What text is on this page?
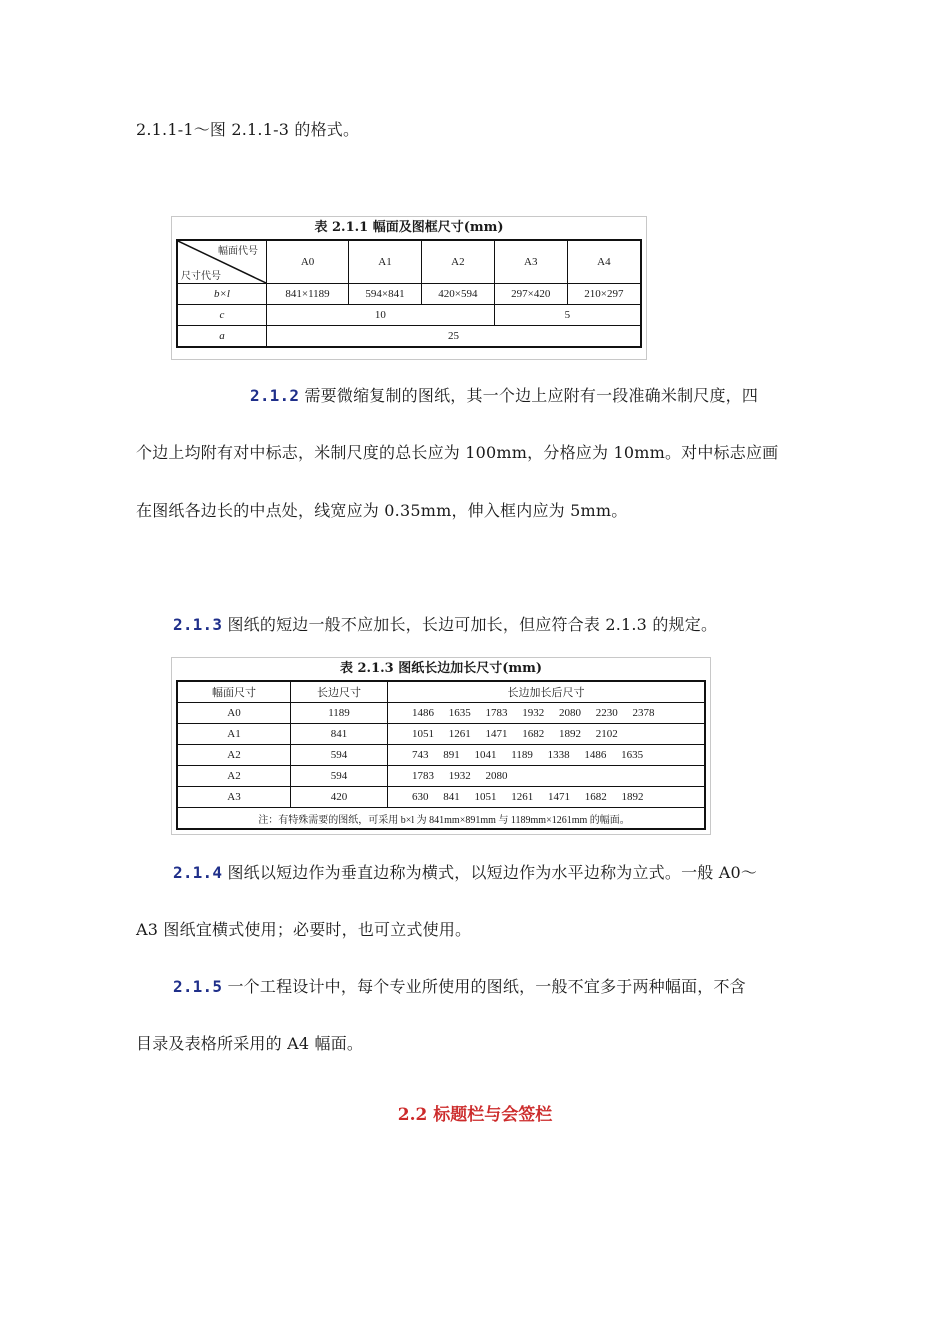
2.1.1-1～图 2.1.1-3 的格式。
表 2.1.1 幅面及图框尺寸(mm)
幅面代号
尺寸代号	A0	A1	A2	A3	A4
b×l	841×1189	594×841	420×594	297×420	210×297
c	10			5	
a	25				
2.1.2 需要微缩复制的图纸，其一个边上应附有一段准确米制尺度，四
个边上均附有对中标志，米制尺度的总长应为 100mm，分格应为 10mm。对中标志应画
在图纸各边长的中点处，线宽应为 0.35mm，伸入框内应为 5mm。
2.1.3 图纸的短边一般不应加长，长边可加长，但应符合表 2.1.3 的规定。
表 2.1.3 图纸长边加长尺寸(mm)
幅面尺寸	长边尺寸	长边加长后尺寸
A0	1189	1486 1635 1783 1932 2080 2230 2378
A1	841	1051 1261 1471 1682 1892 2102
A2	594	743 891 1041 1189 1338 1486 1635
A2	594	1783 1932 2080
A3	420	630 841 1051 1261 1471 1682 1892
注：有特殊需要的图纸，可采用 b×l 为 841mm×891mm 与 1189mm×1261mm 的幅面。		
2.1.4 图纸以短边作为垂直边称为横式，以短边作为水平边称为立式。一般 A0～
A3 图纸宜横式使用；必要时，也可立式使用。
2.1.5 一个工程设计中，每个专业所使用的图纸，一般不宜多于两种幅面，不含
目录及表格所采用的 A4 幅面。
2.2 标题栏与会签栏
